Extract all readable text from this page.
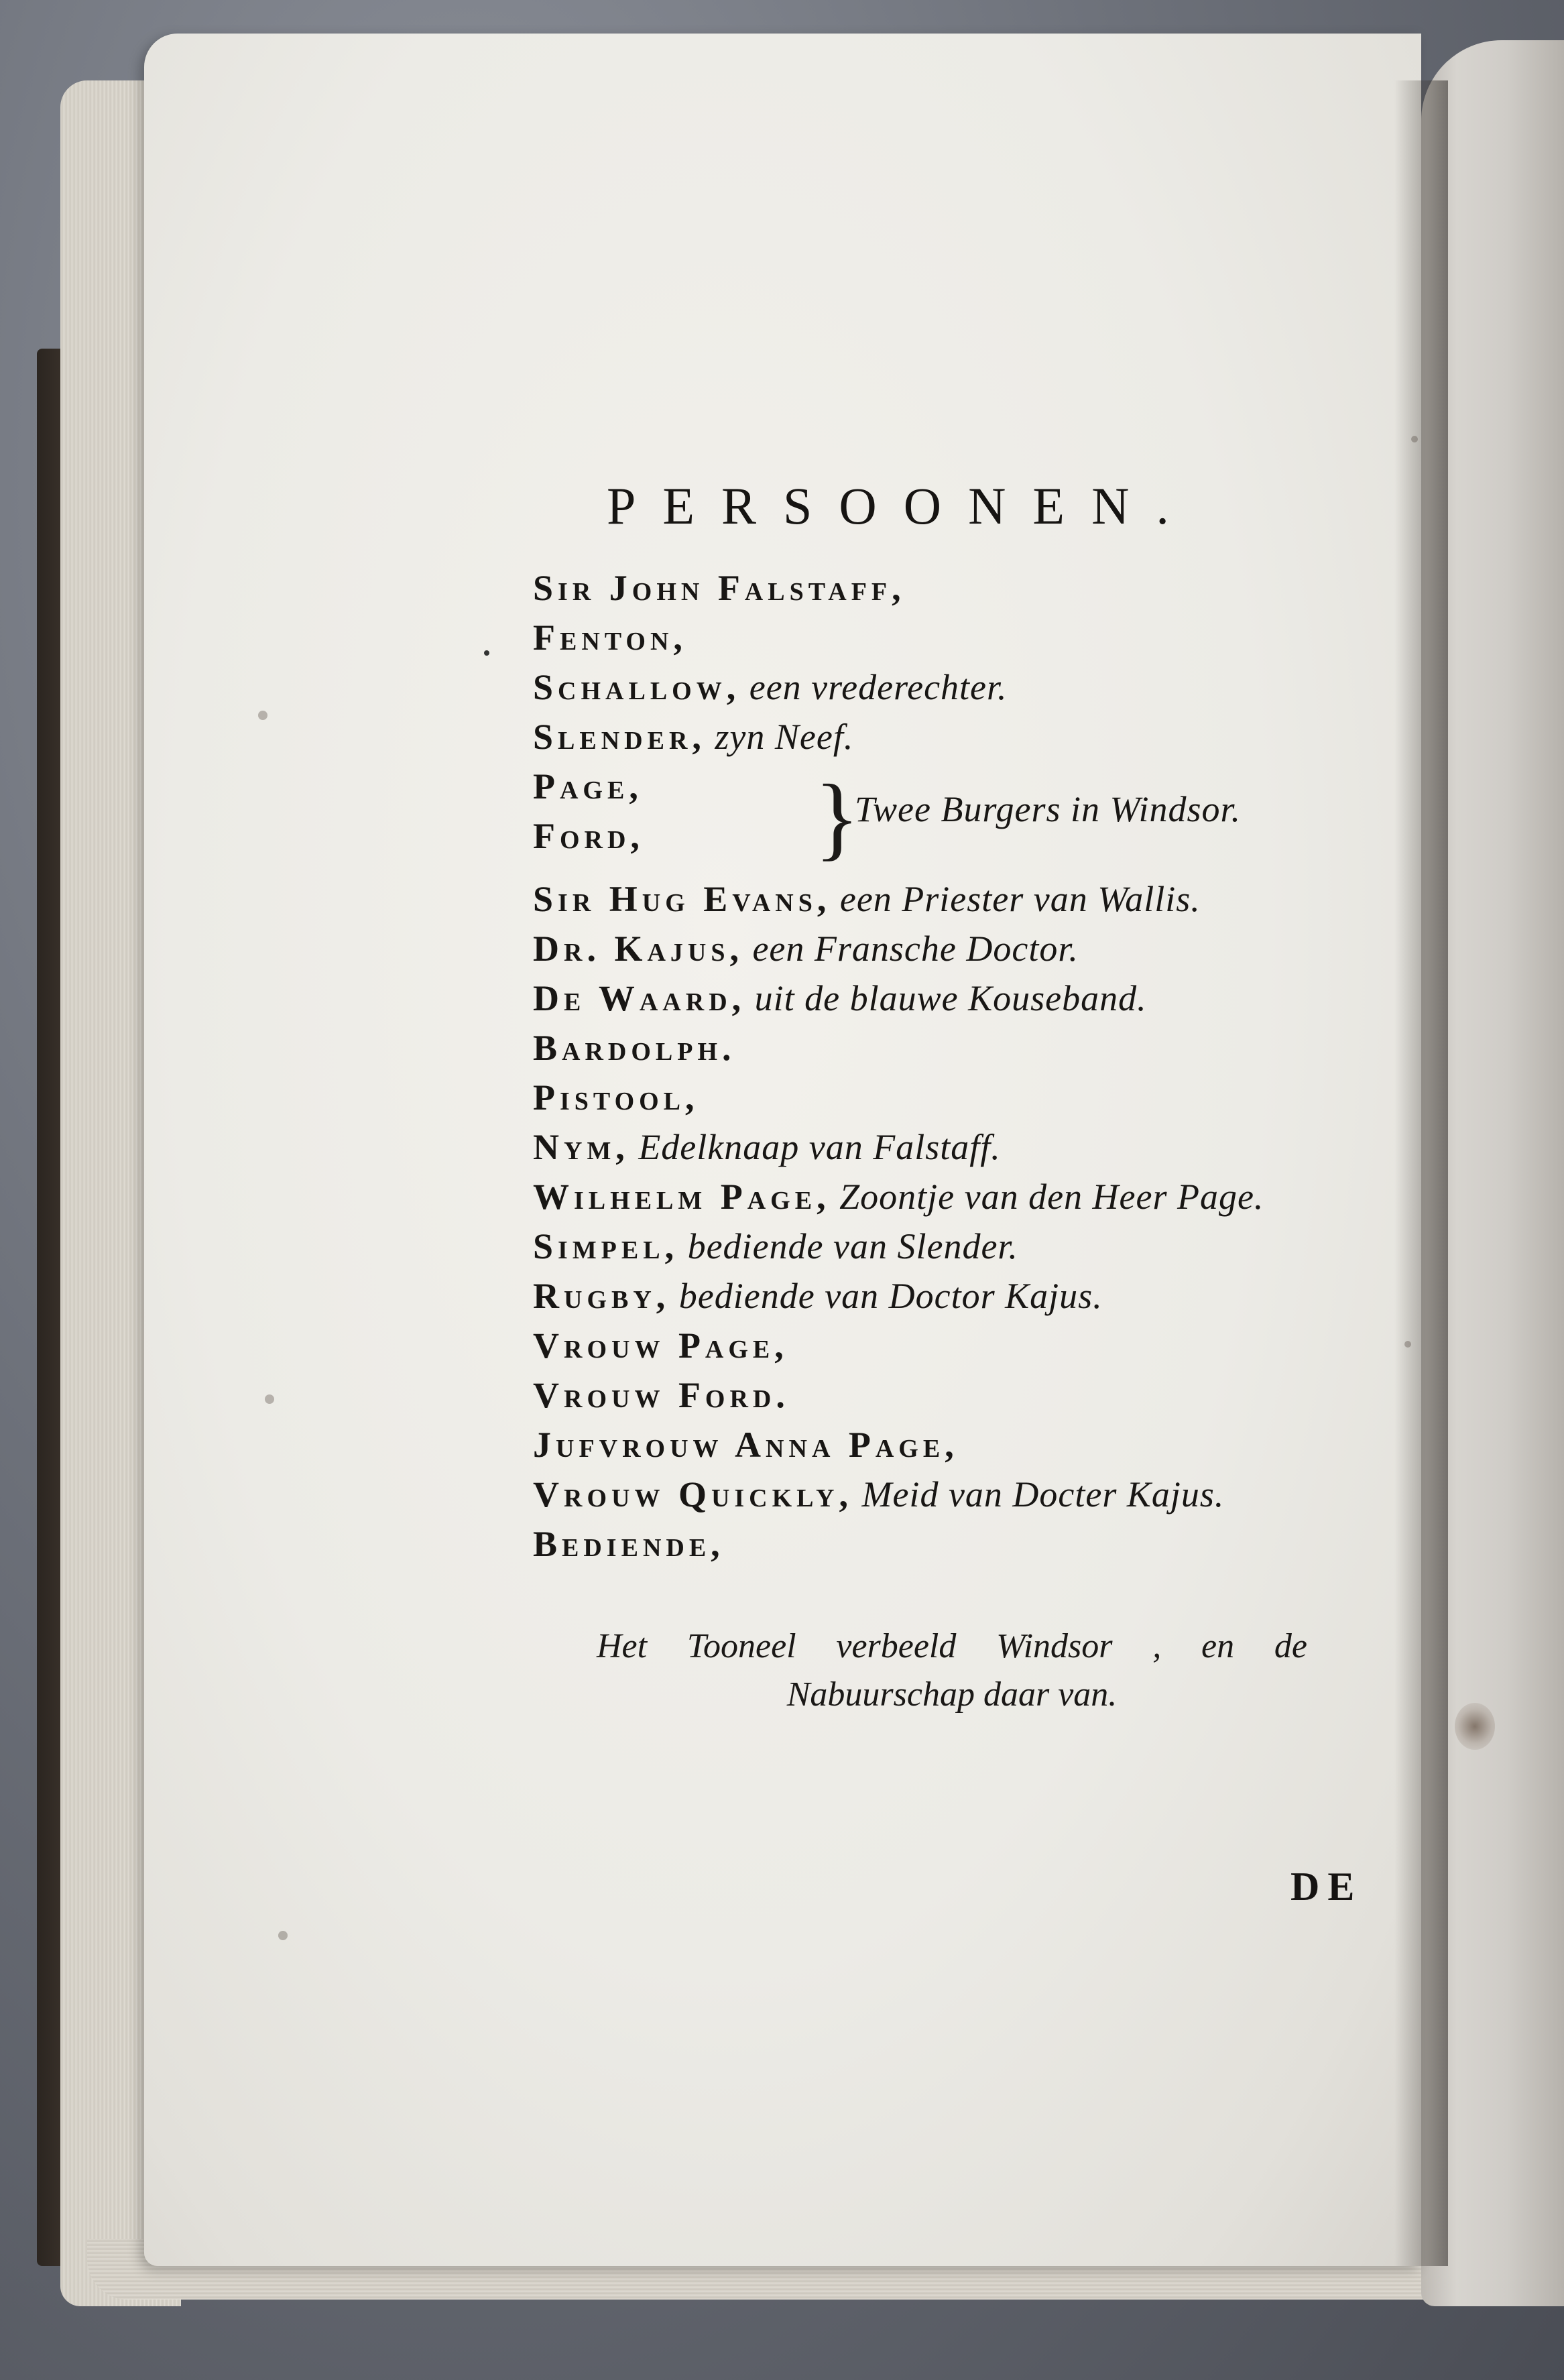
PERSOONEN.
Sir John Falstaff,
Fenton,
Schallow,
een vrederechter.
Slender,
zyn Neef.
Page,
Ford, }
Twee Burgers in Windsor.
Sir Hug Evans,
een Priester van Wallis.
Dr. Kajus,
een Fransche Doctor.
De Waard,
uit de blauwe Kouseband.
Bardolph.
Pistool,
Nym,
Edelknaap van Falstaff.
Wilhelm Page,
Zoontje van den Heer Page.
Simpel,
bediende van Slender.
Rugby,
bediende van Doctor Kajus.
Vrouw Page,
Vrouw Ford.
Jufvrouw Anna Page,
Vrouw Quickly,
Meid van Docter Kajus.
Bediende,
Het Tooneel verbeeld Windsor , en de Nabuurschap daar van.
DE
